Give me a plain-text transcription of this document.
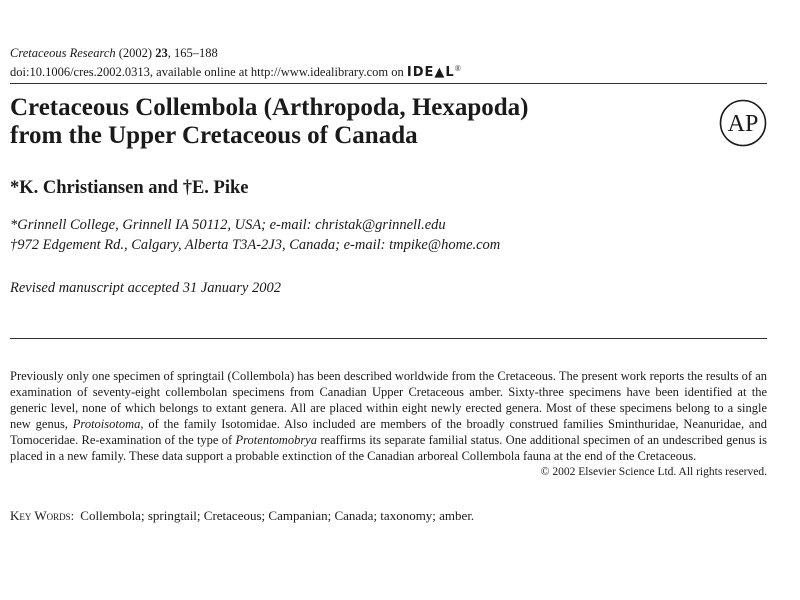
Cretaceous Research (2002) 23, 165–188
doi:10.1006/cres.2002.0313, available online at http://www.idealibrary.com on IDE▲L®
Cretaceous Collembola (Arthropoda, Hexapoda)
from the Upper Cretaceous of Canada	AP
*K. Christiansen and †E. Pike
*Grinnell College, Grinnell IA 50112, USA; e-mail: christak@grinnell.edu
†972 Edgement Rd., Calgary, Alberta T3A-2J3, Canada; e-mail: tmpike@home.com
Revised manuscript accepted 31 January 2002
Previously only one specimen of springtail (Collembola) has been described worldwide from the Cretaceous. The present work reports the results of an examination of seventy-eight collembolan specimens from Canadian Upper Cretaceous amber. Sixty-three specimens have been identified at the generic level, none of which belongs to extant genera. All are placed within eight newly erected genera. Most of these specimens belong to a single new genus, Protoisotoma, of the family Isotomidae. Also included are members of the broadly construed families Sminthuridae, Neanuridae, and Tomoceridae. Re-examination of the type of Protentomobrya reaffirms its separate familial status. One additional specimen of an undescribed genus is placed in a new family. These data support a probable extinction of the Canadian arboreal Collembola fauna at the end of the Cretaceous.
© 2002 Elsevier Science Ltd. All rights reserved.
Key Words: Collembola; springtail; Cretaceous; Campanian; Canada; taxonomy; amber.
